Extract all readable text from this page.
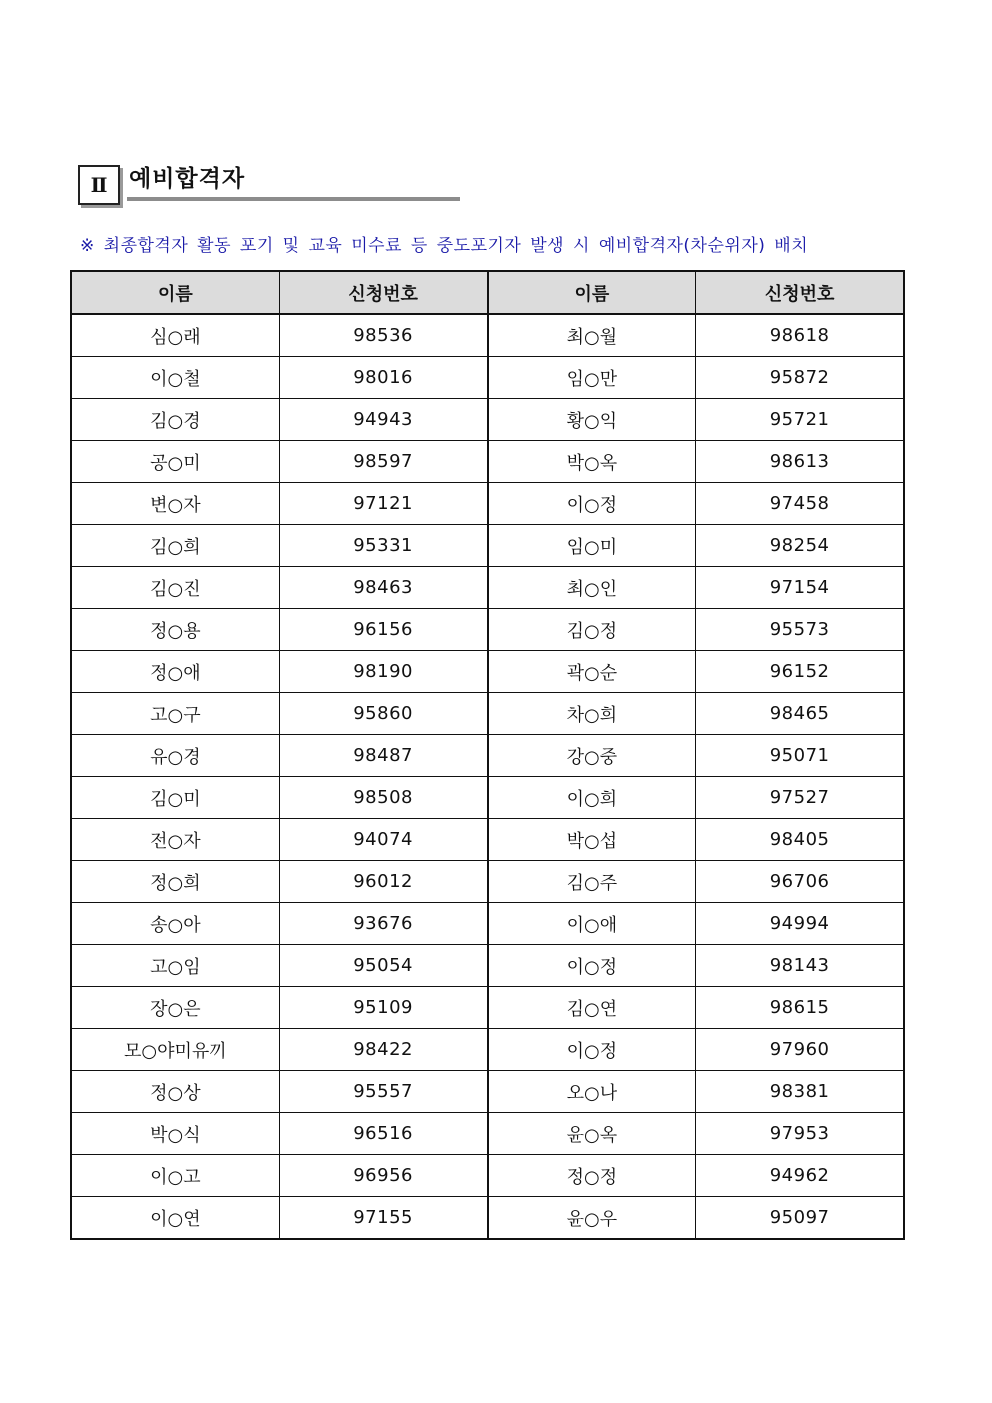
Ⅱ 예비합격자
※ 최종합격자 활동 포기 및 교육 미수료 등 중도포기자 발생 시 예비합격자(차순위자) 배치
이름	신청번호	이름	신청번호
심○래	98536	최○월	98618
이○철	98016	임○만	95872
김○경	94943	황○익	95721
공○미	98597	박○옥	98613
변○자	97121	이○정	97458
김○희	95331	임○미	98254
김○진	98463	최○인	97154
정○용	96156	김○정	95573
정○애	98190	곽○순	96152
고○구	95860	차○희	98465
유○경	98487	강○중	95071
김○미	98508	이○희	97527
전○자	94074	박○섭	98405
정○희	96012	김○주	96706
송○아	93676	이○애	94994
고○임	95054	이○정	98143
장○은	95109	김○연	98615
모○야미유끼	98422	이○정	97960
정○상	95557	오○나	98381
박○식	96516	윤○옥	97953
이○고	96956	정○정	94962
이○연	97155	윤○우	95097
